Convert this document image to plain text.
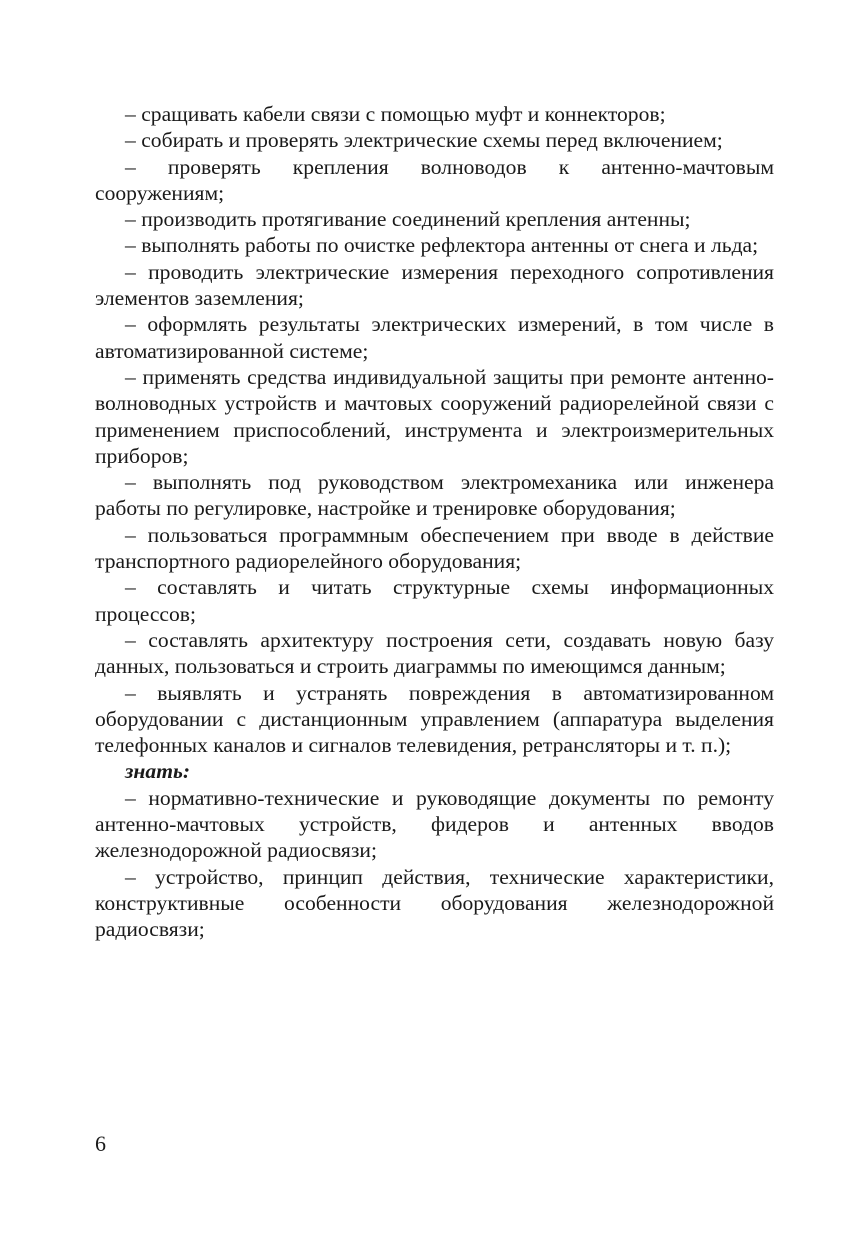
– сращивать кабели связи с помощью муфт и коннекторов;

– собирать и проверять электрические схемы перед включением;

– проверять крепления волноводов к антенно-мачтовым сооружениям;

– производить протягивание соединений крепления антенны;

– выполнять работы по очистке рефлектора антенны от снега и льда;

– проводить электрические измерения переходного сопротивления элементов заземления;

– оформлять результаты электрических измерений, в том числе в автоматизированной системе;

– применять средства индивидуальной защиты при ремонте антенно-волноводных устройств и мачтовых сооружений радиорелейной связи с применением приспособлений, инструмента и электроизмерительных приборов;

– выполнять под руководством электромеханика или инженера работы по регулировке, настройке и тренировке оборудования;

– пользоваться программным обеспечением при вводе в действие транспортного радиорелейного оборудования;

– составлять и читать структурные схемы информационных процессов;

– составлять архитектуру построения сети, создавать новую базу данных, пользоваться и строить диаграммы по имеющимся данным;

– выявлять и устранять повреждения в автоматизированном оборудовании с дистанционным управлением (аппаратура выделения телефонных каналов и сигналов телевидения, ретрансляторы и т. п.);

знать:

– нормативно-технические и руководящие документы по ремонту антенно-мачтовых устройств, фидеров и антенных вводов железнодорожной радиосвязи;

– устройство, принцип действия, технические характеристики, конструктивные особенности оборудования железнодорожной радиосвязи;

6
